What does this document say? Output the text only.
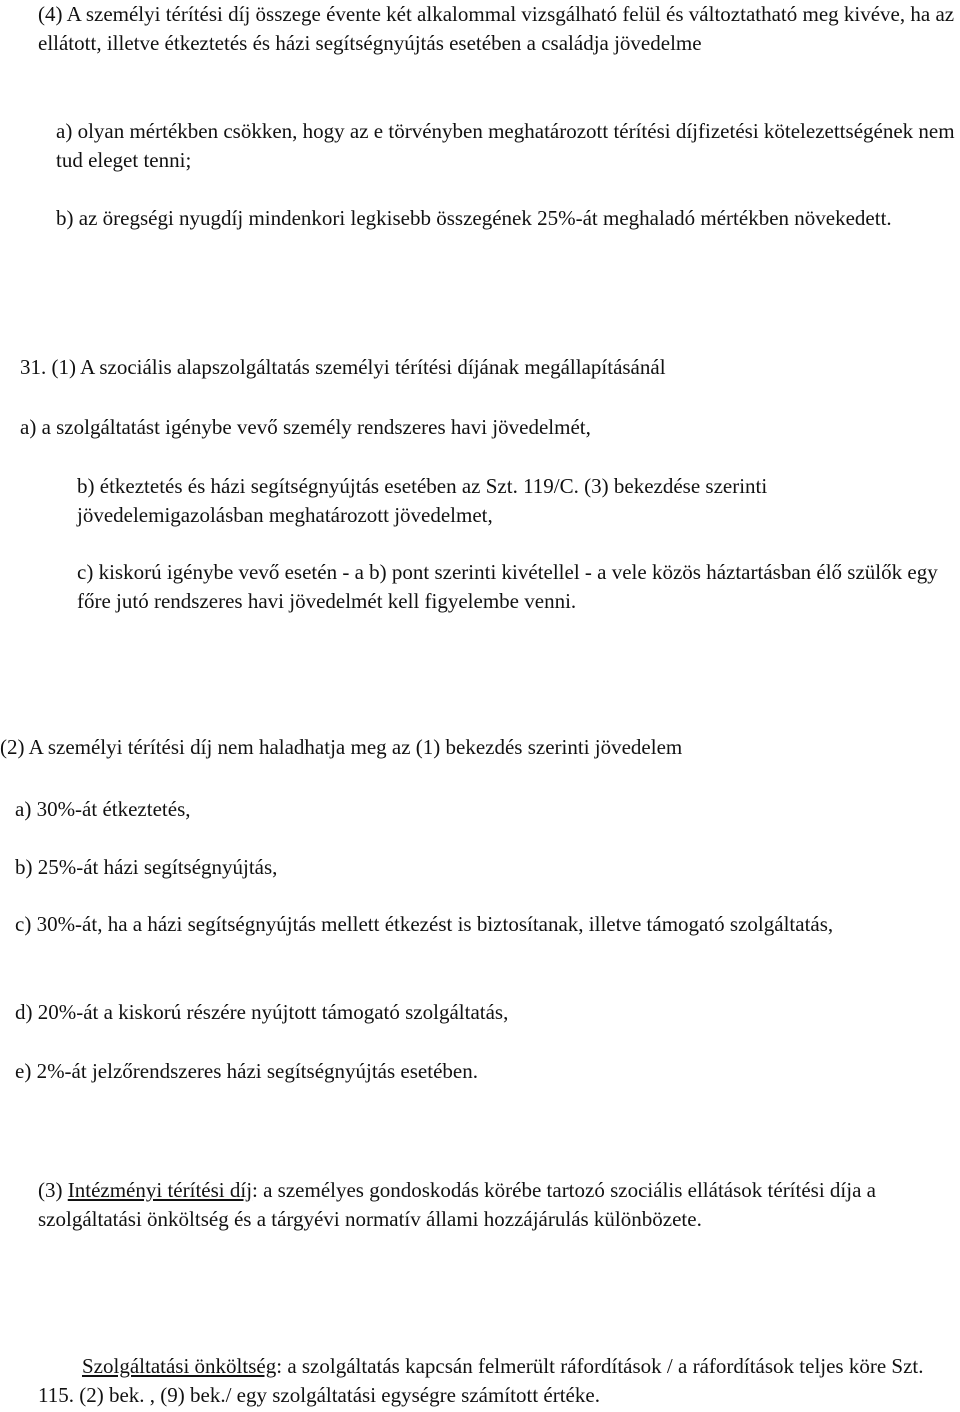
(4) A személyi térítési díj összege évente két alkalommal vizsgálható felül és változtatható meg kivéve, ha az ellátott, illetve étkeztetés és házi segítségnyújtás esetében a családja jövedelme

a) olyan mértékben csökken, hogy az e törvényben meghatározott térítési díjfizetési kötelezettségének nem tud eleget tenni;

b) az öregségi nyugdíj mindenkori legkisebb összegének 25%-át meghaladó mértékben növekedett.

31. (1) A szociális alapszolgáltatás személyi térítési díjának megállapításánál

a) a szolgáltatást igénybe vevő személy rendszeres havi jövedelmét,

b) étkeztetés és házi segítségnyújtás esetében az Szt. 119/C. (3) bekezdése szerinti jövedelemigazolásban meghatározott jövedelmet,

c) kiskorú igénybe vevő esetén - a b) pont szerinti kivétellel - a vele közös háztartásban élő szülők egy főre jutó rendszeres havi jövedelmét kell figyelembe venni.

(2) A személyi térítési díj nem haladhatja meg az (1) bekezdés szerinti jövedelem

a) 30%-át étkeztetés,

b) 25%-át házi segítségnyújtás,

c) 30%-át, ha a házi segítségnyújtás mellett étkezést is biztosítanak, illetve támogató szolgáltatás,

d) 20%-át a kiskorú részére nyújtott támogató szolgáltatás,

e) 2%-át jelzőrendszeres házi segítségnyújtás esetében.

(3) Intézményi térítési díj: a személyes gondoskodás körébe tartozó szociális ellátások térítési díja a szolgáltatási önköltség és a tárgyévi normatív állami hozzájárulás különbözete.

Szolgáltatási önköltség: a szolgáltatás kapcsán felmerült ráfordítások / a ráfordítások teljes köre Szt. 115. (2) bek. , (9) bek./ egy szolgáltatási egységre számított értéke.
